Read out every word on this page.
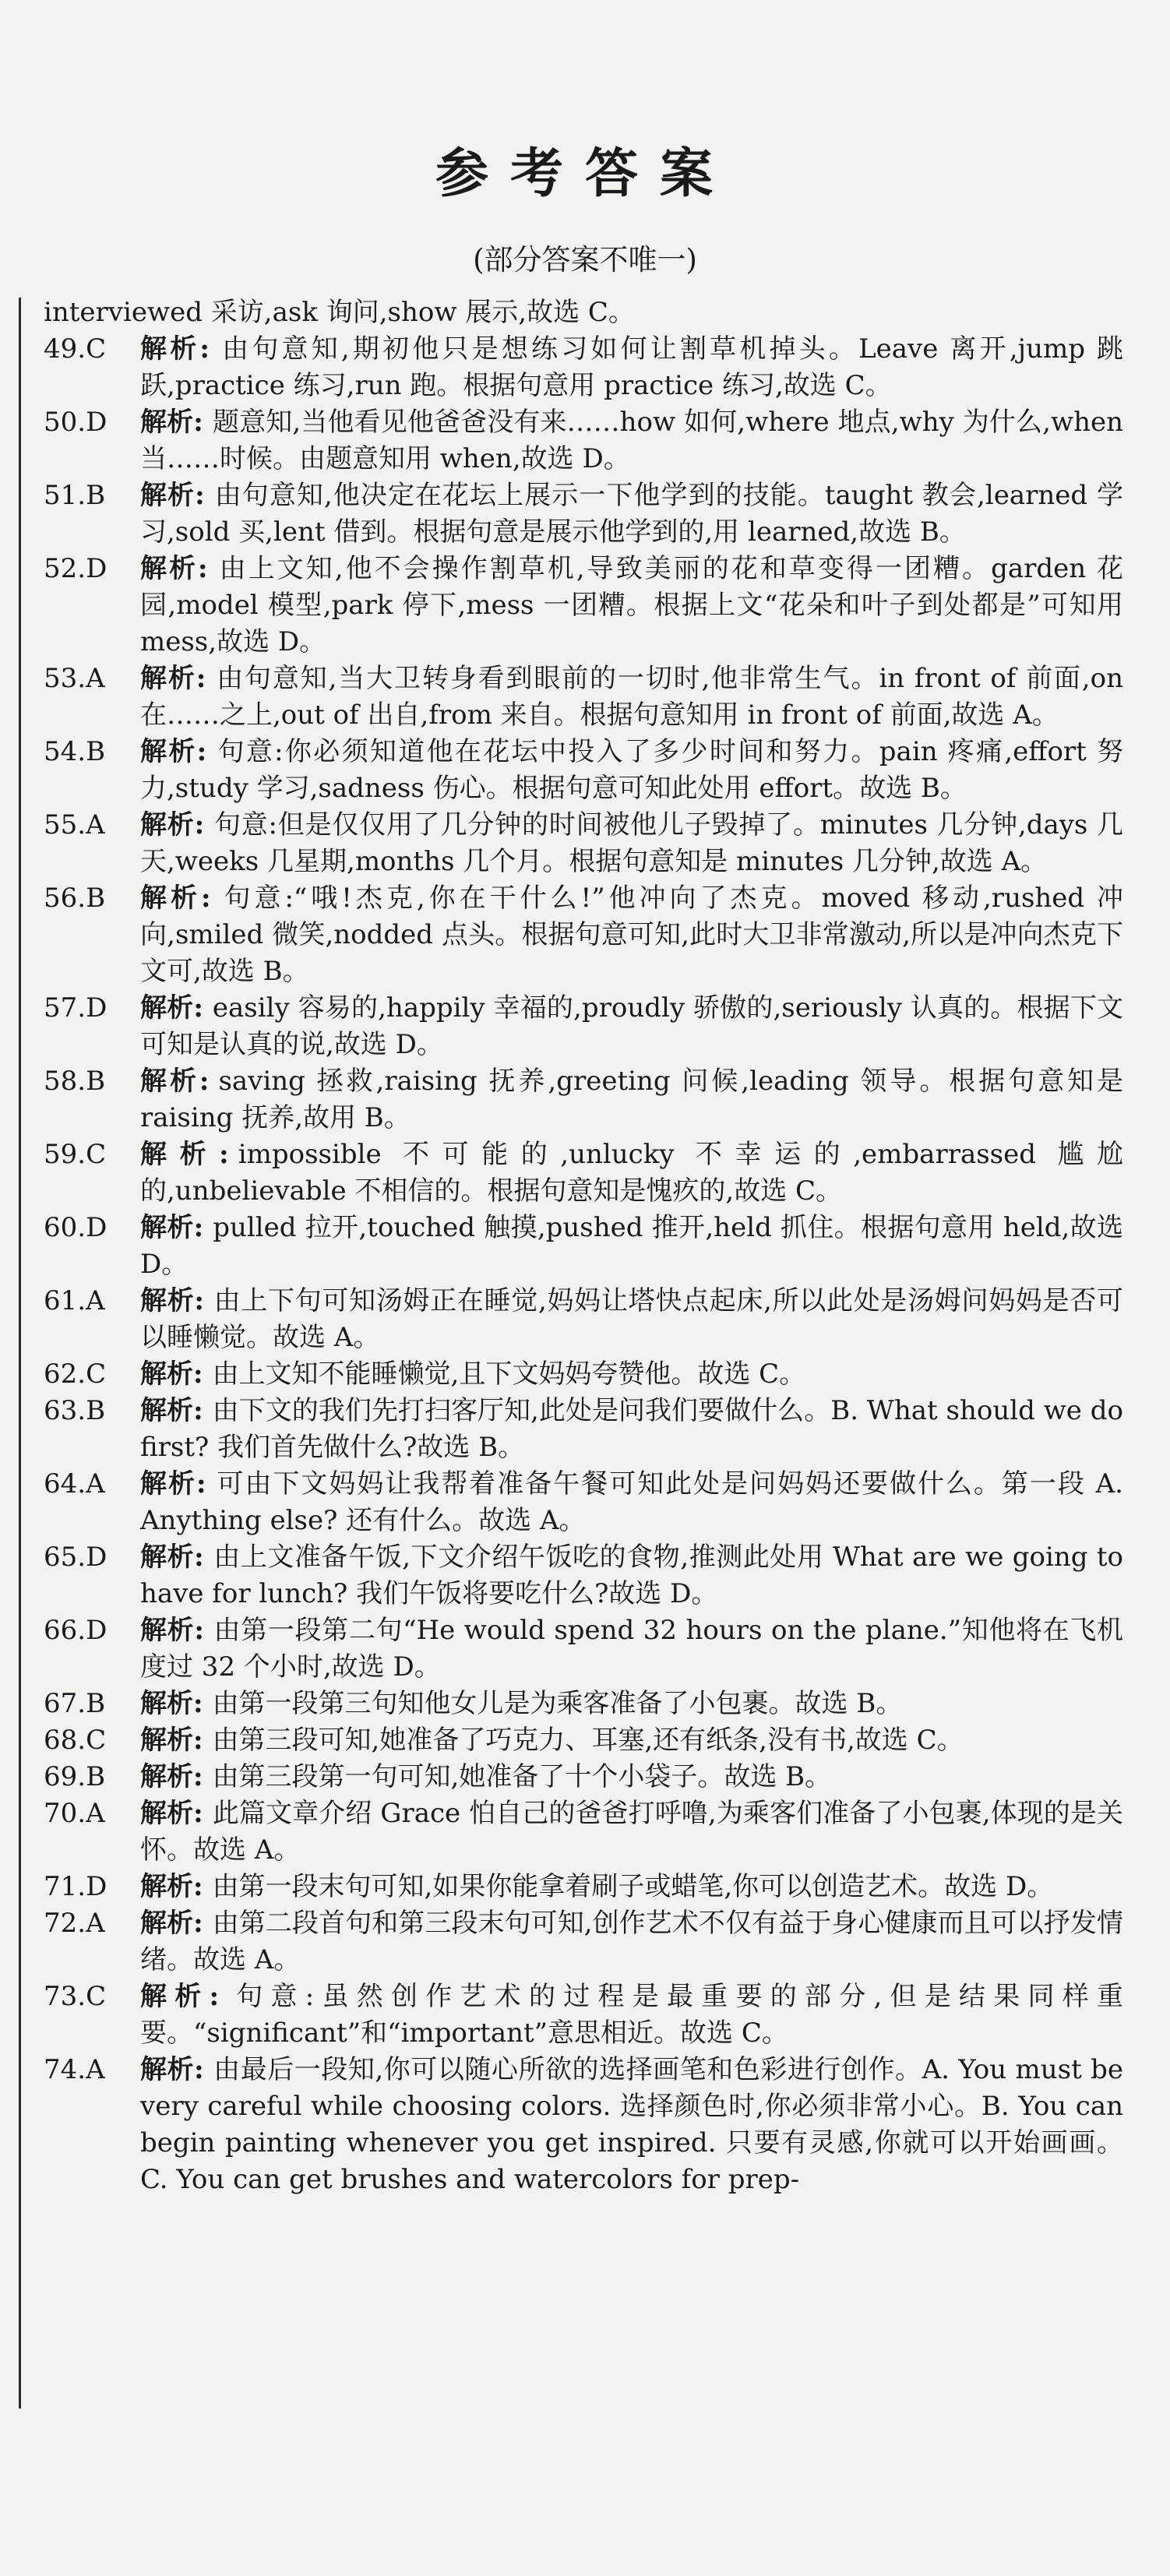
参考答案
(部分答案不唯一)

interviewed 采访,ask 询问,show 展示,故选 C。

49.C	解析: 由句意知,期初他只是想练习如何让割草机掉头。Leave 离开,jump 跳跃,practice 练习,run 跑。根据句意用 practice 练习,故选 C。
50.D	解析: 题意知,当他看见他爸爸没有来……how 如何,where 地点,why 为什么,when 当……时候。由题意知用 when,故选 D。
51.B	解析: 由句意知,他决定在花坛上展示一下他学到的技能。taught 教会,learned 学习,sold 买,lent 借到。根据句意是展示他学到的,用 learned,故选 B。
52.D	解析: 由上文知,他不会操作割草机,导致美丽的花和草变得一团糟。garden 花园,model 模型,park 停下,mess 一团糟。根据上文“花朵和叶子到处都是”可知用 mess,故选 D。
53.A	解析: 由句意知,当大卫转身看到眼前的一切时,他非常生气。in front of 前面,on 在……之上,out of 出自,from 来自。根据句意知用 in front of 前面,故选 A。
54.B	解析: 句意:你必须知道他在花坛中投入了多少时间和努力。pain 疼痛,effort 努力,study 学习,sadness 伤心。根据句意可知此处用 effort。故选 B。
55.A	解析: 句意:但是仅仅用了几分钟的时间被他儿子毁掉了。minutes 几分钟,days 几天,weeks 几星期,months 几个月。根据句意知是 minutes 几分钟,故选 A。
56.B	解析: 句意:“哦!杰克,你在干什么!”他冲向了杰克。moved 移动,rushed 冲向,smiled 微笑,nodded 点头。根据句意可知,此时大卫非常激动,所以是冲向杰克下文可,故选 B。
57.D	解析: easily 容易的,happily 幸福的,proudly 骄傲的,seriously 认真的。根据下文可知是认真的说,故选 D。
58.B	解析: saving 拯救,raising 抚养,greeting 问候,leading 领导。根据句意知是 raising 抚养,故用 B。
59.C	解析: impossible 不可能的,unlucky 不幸运的,embarrassed 尴尬的,unbelievable 不相信的。根据句意知是愧疚的,故选 C。
60.D	解析: pulled 拉开,touched 触摸,pushed 推开,held 抓住。根据句意用 held,故选 D。
61.A	解析: 由上下句可知汤姆正在睡觉,妈妈让塔快点起床,所以此处是汤姆问妈妈是否可以睡懒觉。故选 A。
62.C	解析: 由上文知不能睡懒觉,且下文妈妈夸赞他。故选 C。
63.B	解析: 由下文的我们先打扫客厅知,此处是问我们要做什么。B. What should we do first? 我们首先做什么?故选 B。
64.A	解析: 可由下文妈妈让我帮着准备午餐可知此处是问妈妈还要做什么。第一段 A. Anything else? 还有什么。故选 A。
65.D	解析: 由上文准备午饭,下文介绍午饭吃的食物,推测此处用 What are we going to have for lunch? 我们午饭将要吃什么?故选 D。
66.D	解析: 由第一段第二句“He would spend 32 hours on the plane.”知他将在飞机度过 32 个小时,故选 D。
67.B	解析: 由第一段第三句知他女儿是为乘客准备了小包裹。故选 B。
68.C	解析: 由第三段可知,她准备了巧克力、耳塞,还有纸条,没有书,故选 C。
69.B	解析: 由第三段第一句可知,她准备了十个小袋子。故选 B。
70.A	解析: 此篇文章介绍 Grace 怕自己的爸爸打呼噜,为乘客们准备了小包裹,体现的是关怀。故选 A。
71.D	解析: 由第一段末句可知,如果你能拿着刷子或蜡笔,你可以创造艺术。故选 D。
72.A	解析: 由第二段首句和第三段末句可知,创作艺术不仅有益于身心健康而且可以抒发情绪。故选 A。
73.C	解析: 句意:虽然创作艺术的过程是最重要的部分,但是结果同样重要。“significant”和“important”意思相近。故选 C。
74.A	解析: 由最后一段知,你可以随心所欲的选择画笔和色彩进行创作。A. You must be very careful while choosing colors. 选择颜色时,你必须非常小心。B. You can begin painting whenever you get inspired. 只要有灵感,你就可以开始画画。C. You can get brushes and watercolors for prep-
